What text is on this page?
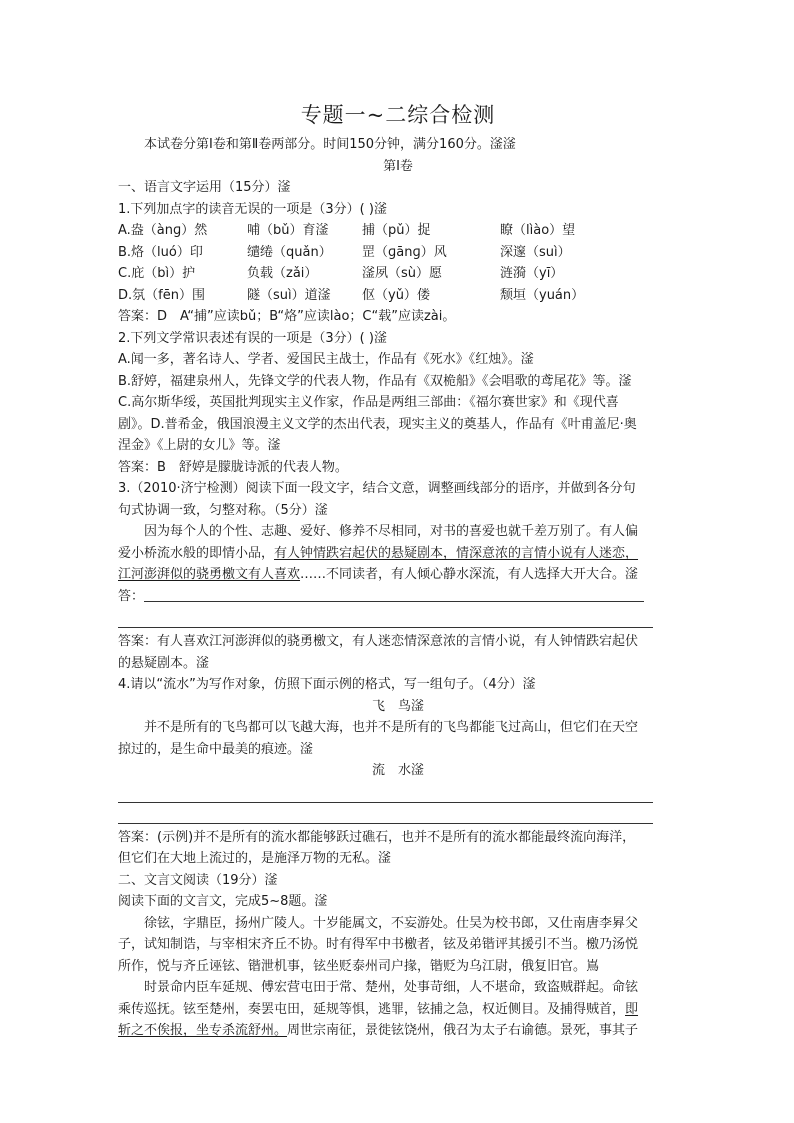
专题一~二综合检测
本试卷分第Ⅰ卷和第Ⅱ卷两部分。时间150分钟，满分160分。滏滏
第Ⅰ卷
一、语言文字运用（15分）滏
1.下列加点字的读音无误的一项是（3分）( )滏
A.盎（ànɡ）然	哺（bǔ）育滏	捕（pǔ）捉	瞭（lìào）望
B.烙（luó）印	缱绻（quǎn）	罡（ɡānɡ）风	深邃（suì）
C.庇（bì）护	负载（zǎi）	滏夙（sù）愿	涟漪（yī）
D.氛（fēn）围	隧（suì）道滏	伛（yǔ）偻	颓垣（yuán）
答案：D　A“捕”应读bǔ；B“烙”应读lào；C“载”应读zài。
2.下列文学常识表述有误的一项是（3分）( )滏
A.闻一多，著名诗人、学者、爱国民主战士，作品有《死水》《红烛》。滏
B.舒婷，福建泉州人，先锋文学的代表人物，作品有《双桅船》《会唱歌的鸢尾花》等。滏
C.高尔斯华绥，英国批判现实主义作家，作品是两组三部曲：《福尔赛世家》和《现代喜
剧》。D.普希金，俄国浪漫主义文学的杰出代表，现实主义的奠基人，作品有《叶甫盖尼·奥
涅金》《上尉的女儿》等。滏
答案：B　舒婷是朦胧诗派的代表人物。
3.（2010·济宁检测）阅读下面一段文字，结合文意，调整画线部分的语序，并做到各分句
句式协调一致，匀整对称。（5分）滏
因为每个人的个性、志趣、爱好、修养不尽相同，对书的喜爱也就千差万别了。有人偏
爱小桥流水般的即情小品，有人钟情跌宕起伏的悬疑剧本，情深意浓的言情小说有人迷恋，
江河澎湃似的骁勇檄文有人喜欢……不同读者，有人倾心静水深流，有人选择大开大合。滏
答：
答案：有人喜欢江河澎湃似的骁勇檄文，有人迷恋情深意浓的言情小说，有人钟情跌宕起伏
的悬疑剧本。滏
4.请以“流水”为写作对象，仿照下面示例的格式，写一组句子。（4分）滏
飞　鸟滏
并不是所有的飞鸟都可以飞越大海，也并不是所有的飞鸟都能飞过高山，但它们在天空
掠过的，是生命中最美的痕迹。滏
流　水滏
答案：(示例)并不是所有的流水都能够跃过礁石，也并不是所有的流水都能最终流向海洋，
但它们在大地上流过的，是施泽万物的无私。滏
二、文言文阅读（19分）滏
阅读下面的文言文，完成5~8题。滏
徐铉，字鼎臣，扬州广陵人。十岁能属文，不妄游处。仕吴为校书郎，又仕南唐李昪父
子，试知制诰，与宰相宋齐丘不协。时有得军中书檄者，铉及弟锴评其援引不当。檄乃汤悦
所作，悦与齐丘诬铉、锴泄机事，铉坐贬泰州司户掾，锴贬为乌江尉，俄复旧官。嶌
时景命内臣车延规、傅宏营屯田于常、楚州，处事苛细，人不堪命，致盗贼群起。命铉
乘传巡抚。铉至楚州，奏罢屯田，延规等惧，逃罪，铉捕之急，权近侧目。及捕得贼首，即
斩之不俟报，坐专杀流舒州。周世宗南征，景徙铉饶州，俄召为太子右谕德。景死，事其子
